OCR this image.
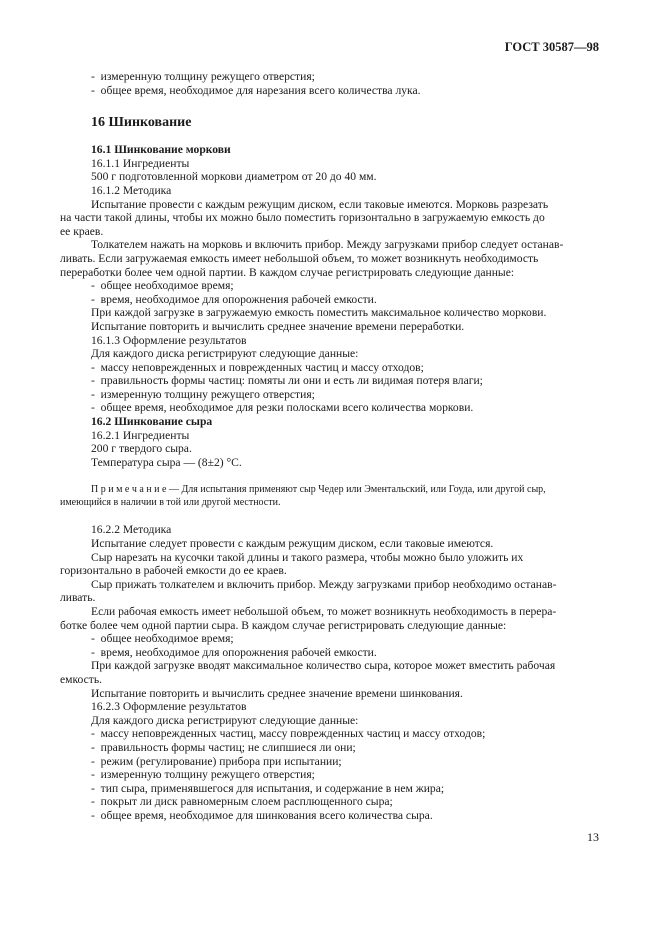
ГОСТ 30587—98
-  измеренную толщину режущего отверстия;
-  общее время, необходимое для нарезания всего количества лука.
16 Шинкование
16.1 Шинкование моркови
16.1.1 Ингредиенты
500 г подготовленной моркови диаметром от 20 до 40 мм.
16.1.2 Методика
Испытание провести с каждым режущим диском, если таковые имеются. Морковь разрезать
на части такой длины, чтобы их можно было поместить горизонтально в загружаемую емкость до
ее краев.
Толкателем нажать на морковь и включить прибор. Между загрузками прибор следует останав-
ливать. Если загружаемая емкость имеет небольшой объем, то может возникнуть необходимость
переработки более чем одной партии. В каждом случае регистрировать следующие данные:
-  общее необходимое время;
-  время, необходимое для опорожнения рабочей емкости.
При каждой загрузке в загружаемую емкость поместить максимальное количество моркови.
Испытание повторить и вычислить среднее значение времени переработки.
16.1.3 Оформление результатов
Для каждого диска регистрируют следующие данные:
-  массу неповрежденных и поврежденных частиц и массу отходов;
-  правильность формы частиц: помяты ли они и есть ли видимая потеря влаги;
-  измеренную толщину режущего отверстия;
-  общее время, необходимое для резки полосками всего количества моркови.
16.2 Шинкование сыра
16.2.1 Ингредиенты
200 г твердого сыра.
Температура сыра — (8±2) °С.
П р и м е ч а н и е — Для испытания применяют сыр Чедер или Эментальский, или Гоуда, или другой сыр,
имеющийся в наличии в той или другой местности.
16.2.2 Методика
Испытание следует провести с каждым режущим диском, если таковые имеются.
Сыр нарезать на кусочки такой длины и такого размера, чтобы можно было уложить их
горизонтально в рабочей емкости до ее краев.
Сыр прижать толкателем и включить прибор. Между загрузками прибор необходимо останав-
ливать.
Если рабочая емкость имеет небольшой объем, то может возникнуть необходимость в перера-
ботке более чем одной партии сыра. В каждом случае регистрировать следующие данные:
-  общее необходимое время;
-  время, необходимое для опорожнения рабочей емкости.
При каждой загрузке вводят максимальное количество сыра, которое может вместить рабочая
емкость.
Испытание повторить и вычислить среднее значение времени шинкования.
16.2.3 Оформление результатов
Для каждого диска регистрируют следующие данные:
-  массу неповрежденных частиц, массу поврежденных частиц и массу отходов;
-  правильность формы частиц; не слипшиеся ли они;
-  режим (регулирование) прибора при испытании;
-  измеренную толщину режущего отверстия;
-  тип сыра, применявшегося для испытания, и содержание в нем жира;
-  покрыт ли диск равномерным слоем расплющенного сыра;
-  общее время, необходимое для шинкования всего количества сыра.
13
